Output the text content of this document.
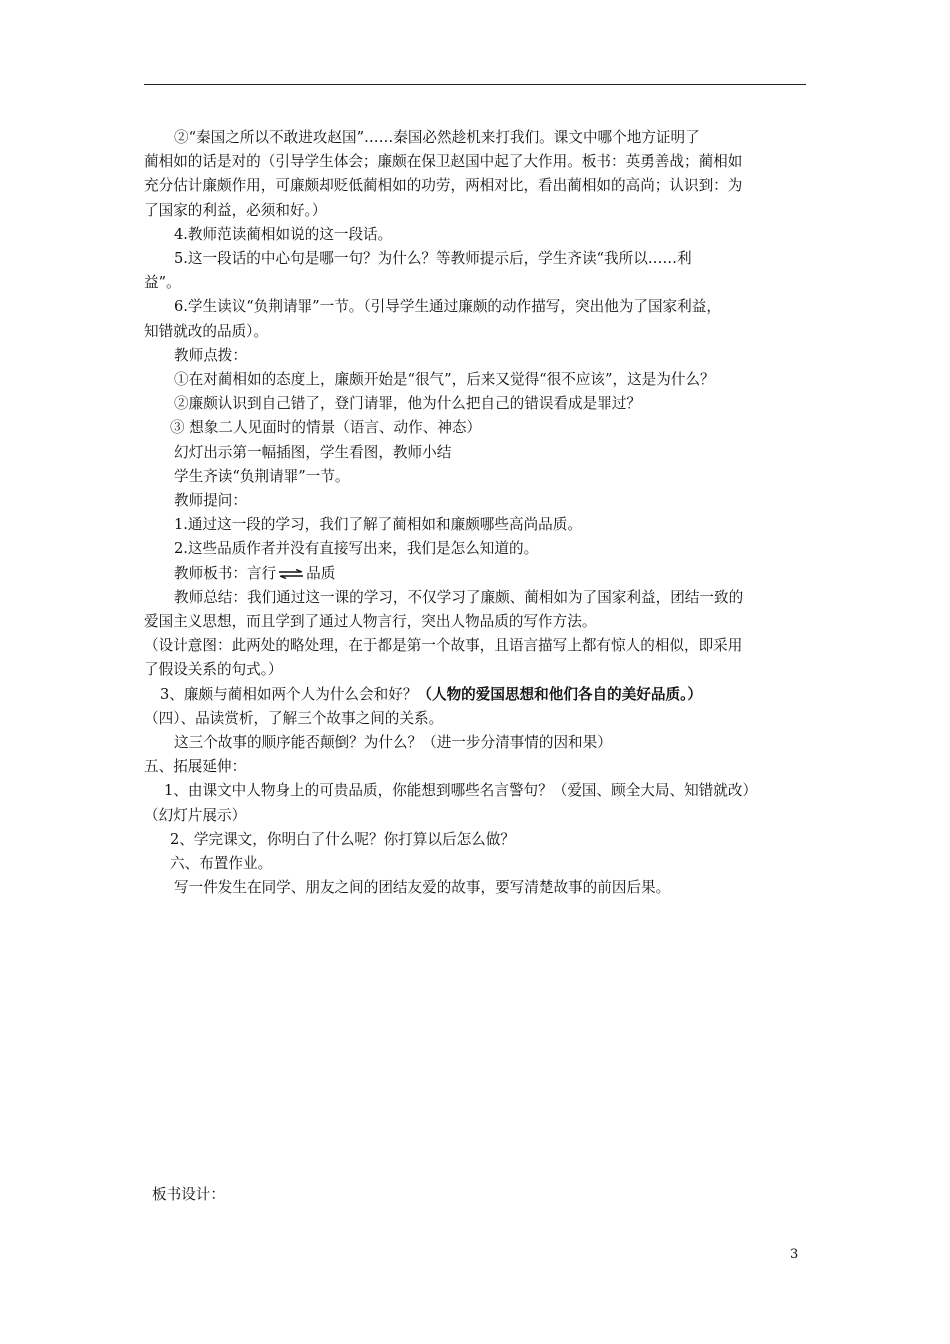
②“秦国之所以不敢进攻赵国”……秦国必然趁机来打我们。课文中哪个地方证明了

蔺相如的话是对的（引导学生体会；廉颇在保卫赵国中起了大作用。板书：英勇善战；蔺相如

充分估计廉颇作用，可廉颇却贬低蔺相如的功劳，两相对比，看出蔺相如的高尚；认识到：为

了国家的利益，必须和好。）

4.教师范读蔺相如说的这一段话。

5.这一段话的中心句是哪一句？为什么？等教师提示后，学生齐读“我所以……利

益”。

6.学生读议“负荆请罪”一节。（引导学生通过廉颇的动作描写，突出他为了国家利益，

知错就改的品质）。

教师点拨：

①在对蔺相如的态度上，廉颇开始是“很气”，后来又觉得“很不应该”，这是为什么？

②廉颇认识到自己错了，登门请罪，他为什么把自己的错误看成是罪过？

③ 想象二人见面时的情景（语言、动作、神态）

幻灯出示第一幅插图，学生看图，教师小结

学生齐读“负荆请罪”一节。

教师提问：

1.通过这一段的学习，我们了解了蔺相如和廉颇哪些高尚品质。

2.这些品质作者并没有直接写出来，我们是怎么知道的。

教师板书：言行 品质

教师总结：我们通过这一课的学习，不仅学习了廉颇、蔺相如为了国家利益，团结一致的

爱国主义思想，而且学到了通过人物言行，突出人物品质的写作方法。

（设计意图：此两处的略处理，在于都是第一个故事，且语言描写上都有惊人的相似，即采用

了假设关系的句式。）

3、廉颇与蔺相如两个人为什么会和好？（人物的爱国思想和他们各自的美好品质。）

（四）、品读赏析，了解三个故事之间的关系。

这三个故事的顺序能否颠倒？为什么？（进一步分清事情的因和果）

五、拓展延伸：

1、由课文中人物身上的可贵品质，你能想到哪些名言警句？（爱国、顾全大局、知错就改）

（幻灯片展示）

2、学完课文，你明白了什么呢？你打算以后怎么做？

六、布置作业。

写一件发生在同学、朋友之间的团结友爱的故事，要写清楚故事的前因后果。

板书设计：
3
